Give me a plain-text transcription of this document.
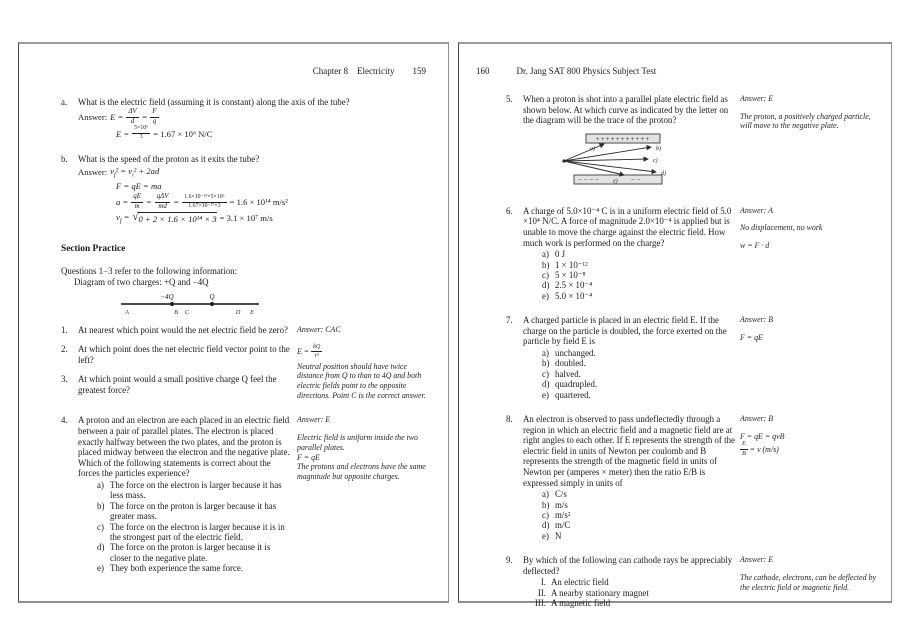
Chapter 8 Electricity 159
a.	What is the electric field (assuming it is constant) along the axis of the tube?
Answer: $E = \frac{\Delta V}{d} = \frac{F}{q}$
$E = \frac{\text{5×10⁶}}{3} = 1.67 \times 10^6$ N/C
b.	What is the speed of the proton as it exits the tube?
Answer: $v_f^2 = v_i^2 + 2ad$
F = qE = ma
$a = \frac{qE}{m} = \frac{\text{qΔV}}{md} = \frac{\text{1.6×10⁻¹⁹×5×10⁶}}{\text{1.67×10⁻²⁷×3}} = 1.6 \times 10^{14}$ m/s²
$v_f$ = √ 0 + 2 × 1.6 × 10¹⁴ × 3 = 3.1 × 10⁷ m/s
Section Practice
Questions 1−3 refer to the following information:
Diagram of two charges: +Q and −4Q
−4Q	Q
A	B C	D E
1.	At nearest which point would the net electric field be zero? Answer: CAC
2.	At which point does the net electric field vector point to the left?
3.	At which point would a small positive charge Q feel the greatest force?
$E = \frac{kQ}{\text{r²}}$
Neutral position should have twice distance from Q to than to 4Q and both electric fields point to the opposite directions. Point C is the correct answer.
4.	A proton and an electron are each placed in an electric field between a pair of parallel plates. The electron is placed exactly halfway between the two plates, and the proton is placed midway between the electron and the negative plate. Which of the following statements is correct about the forces the particles experience?
a) The force on the electron is larger because it has less mass.
b) The force on the proton is larger because it has greater mass.
c) The force on the electron is larger because it is in the strongest part of the electric field.
d) The force on the proton is larger because it is closer to the negative plate.
e) They both experience the same force.
Answer: E
Electric field is uniform inside the two parallel plates.
F = qE
The protons and electrons have the same magnitude but opposite charges.
160	Dr. Jang SAT 800 Physics Subject Test
5.	When a proton is shot into a parallel plate electric field as shown below. At which curve as indicated by the letter on the diagram will be the trace of the proton?
+++++++++++
− − − −	− −
a)	b)
c)
d)
e)
Answer: E
The proton, a positively charged particle, will move to the negative plate.
6.	A charge of 5.0×10⁻⁴ C is in a uniform electric field of 5.0 ×10⁴ N/C. A force of magnitude 2.0×10⁻⁴ is applied but is unable to move the charge against the electric field. How much work is performed on the charge?
a) 0 J
b) 1 × 10⁻¹²
c) 5 × 10⁻⁸
d) 2.5 × 10⁻⁴
e) 5.0 × 10⁻⁴
Answer: A
No displacement, no work
w = F · d
7.	A charged particle is placed in an electric field E. If the charge on the particle is doubled, the force exerted on the particle by field E is
a) unchanged.
b) doubled.
c) halved.
d) quadrupled.
e) quartered.
Answer: B
F = qE
8.	An electron is observed to pass undeflectedly through a region in which an electric field and a magnetic field are at right angles to each other. If E represents the strength of the electric field in units of Newton per coulomb and B represents the strength of the magnetic field in units of Newton per (amperes × meter) then the ratio E/B is expressed simply in units of
a) C/s
b) m/s
c) m/s²
d) m/C
e) N
Answer: B
F = qE = qvB
$\frac{E}{B} = v$ (m/s)
9.	By which of the following can cathode rays be appreciably deflected?
I. An electric field
II. A nearby stationary magnet
III. A magnetic field
Answer: E
The cathode, electrons, can be deflected by the electric field or magnetic field.
